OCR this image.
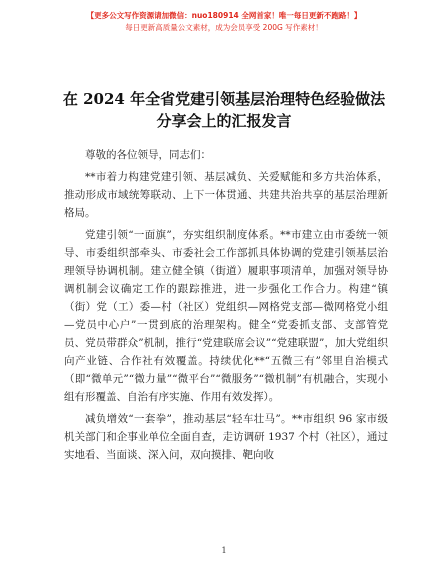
【更多公文写作资源请加微信：nuo180914 全网首家！唯一每日更新不跑路！】
每日更新高质量公文素材，成为会员享受 200G 写作素材！
在 2024 年全省党建引领基层治理特色经验做法
分享会上的汇报发言

尊敬的各位领导，同志们：

**市着力构建党建引领、基层减负、关爱赋能和多方共治体系，推动形成市域统筹联动、上下一体贯通、共建共治共享的基层治理新格局。

党建引领“一面旗”，夯实组织制度体系。**市建立由市委统一领导、市委组织部牵头、市委社会工作部抓具体协调的党建引领基层治理领导协调机制。建立健全镇（街道）履职事项清单，加强对领导协调机制会议确定工作的跟踪推进，进一步强化工作合力。构建“镇（街）党（工）委—村（社区）党组织—网格党支部—微网格党小组—党员中心户”一贯到底的治理架构。健全“党委抓支部、支部管党员、党员带群众”机制，推行“党建联席会议”“党建联盟”，加大党组织向产业链、合作社有效覆盖。持续优化**“五微三有”邻里自治模式（即“微单元”“微力量”“微平台”“微服务”“微机制”有机融合，实现小组有形覆盖、自治有序实施、作用有效发挥）。

减负增效“一套拳”，推动基层“轻车壮马”。**市组织 96 家市级机关部门和企事业单位全面自查，走访调研 1937 个村（社区），通过实地看、当面谈、深入问，双向摸排、靶向收

1
